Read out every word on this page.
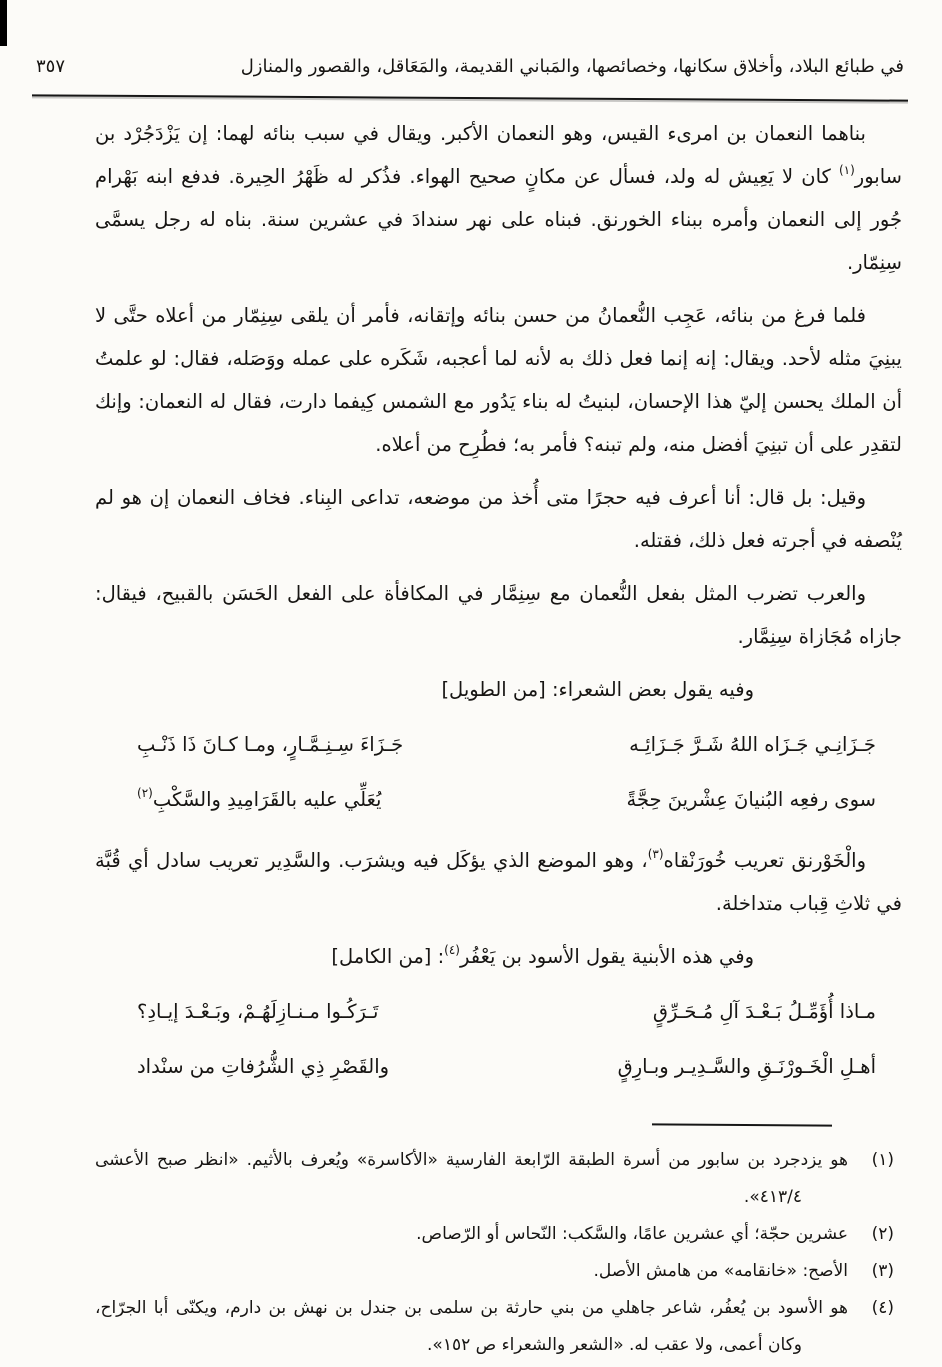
في طبائع البلاد، وأخلاق سكانها، وخصائصها، والمَباني القديمة، والمَعَاقل، والقصور والمنازل
٣٥٧

بناهما النعمان بن امرىء القيس، وهو النعمان الأكبر. ويقال في سبب بنائه لهما: إن يَزْدَجُرْد بن سابور$^{(١)}$ كان لا يَعِيش له ولد، فسأل عن مكانٍ صحيح الهواء. فذُكر له ظَهْرُ الحِيرة. فدفع ابنه بَهْرام جُور إلى النعمان وأمره ببناء الخورنق. فبناه على نهر سندادَ في عشرين سنة. بناه له رجل يسمَّى سِنِمّار.

فلما فرغ من بنائه، عَجِب النُّعمانُ من حسن بنائه وإتقانه، فأمر أن يلقى سِنِمّار من أعلاه حتَّى لا يبنِيَ مثله لأحد. ويقال: إنه إنما فعل ذلك به لأنه لما أعجبه، شَكَره على عمله ووَصَله، فقال: لو علمتُ أن الملك يحسن إليّ هذا الإحسان، لبنيتُ له بناء يَدُور مع الشمس كِيفما دارت، فقال له النعمان: وإنك لتقدِر على أن تبنِيَ أفضل منه، ولم تبنه؟ فأمر به؛ فطُرِح من أعلاه.

وقيل: بل قال: أنا أعرف فيه حجرًا متى أُخذ من موضعه، تداعى البِناء. فخاف النعمان إن هو لم يُنْصفه في أجرته فعل ذلك، فقتله.

والعرب تضرب المثل بفعل النُّعمان مع سِنِمَّار في المكافأة على الفعل الحَسَن بالقبيح، فيقال: جازاه مُجَازاة سِنِمَّار.

وفيه يقول بعض الشعراء: [من الطويل]

جَـزَانِـي جَـزَاه اللهُ شَـرَّ جَـزَائِـه
جَـزَاءَ سِـنِـمَّـارٍ، ومـا كـانَ ذَا ذَنْـبِ
سوى رفعِه البُنيانَ عِشْرينَ حِجَّةً
يُعَلِّي عليه بالقَرَامِيدِ والسَّكْبِ$^{(٢)}$

والْخَوْرنق تعريب خُورَنْقاه$^{(٣)}$، وهو الموضع الذي يؤكَل فيه ويشرَب. والسَّدِير تعريب سادل أي قُبَّة في ثلاثِ قِباب متداخلة.

وفي هذه الأبنية يقول الأسود بن يَعْفُر$^{(٤)}$: [من الكامل]

مـاذا أُؤَمِّـلُ بَـعْـدَ آلِ مُـحَـرِّقٍ
تَـرَكُـوا مـنـازِلَهُـمْ، وبَـعْـدَ إيـادِ؟
أهـلِ الْخَـورْنَـقِ والسَّـدِيـر وبـارِقٍ
والقَصْرِ ذِي الشُّرُفاتِ من سنْداد

(١)هو يزدجرد بن سابور من أسرة الطبقة الرّابعة الفارسية «الأكاسرة» ويُعرف بالأثيم. «انظر صبح الأعشى ٤١٣/٤».

(٢)عشرين حجّة؛ أي عشرين عامًا، والسَّكب: النّحاس أو الرّصاص.

(٣)الأصح: «خانقامه» من هامش الأصل.

(٤)هو الأسود بن يُعفُر، شاعر جاهلي من بني حارثة بن سلمى بن جندل بن نهش بن دارم، ويكنّى أبا الجرّاح، وكان أعمى، ولا عقب له. «الشعر والشعراء ص ١٥٢».
